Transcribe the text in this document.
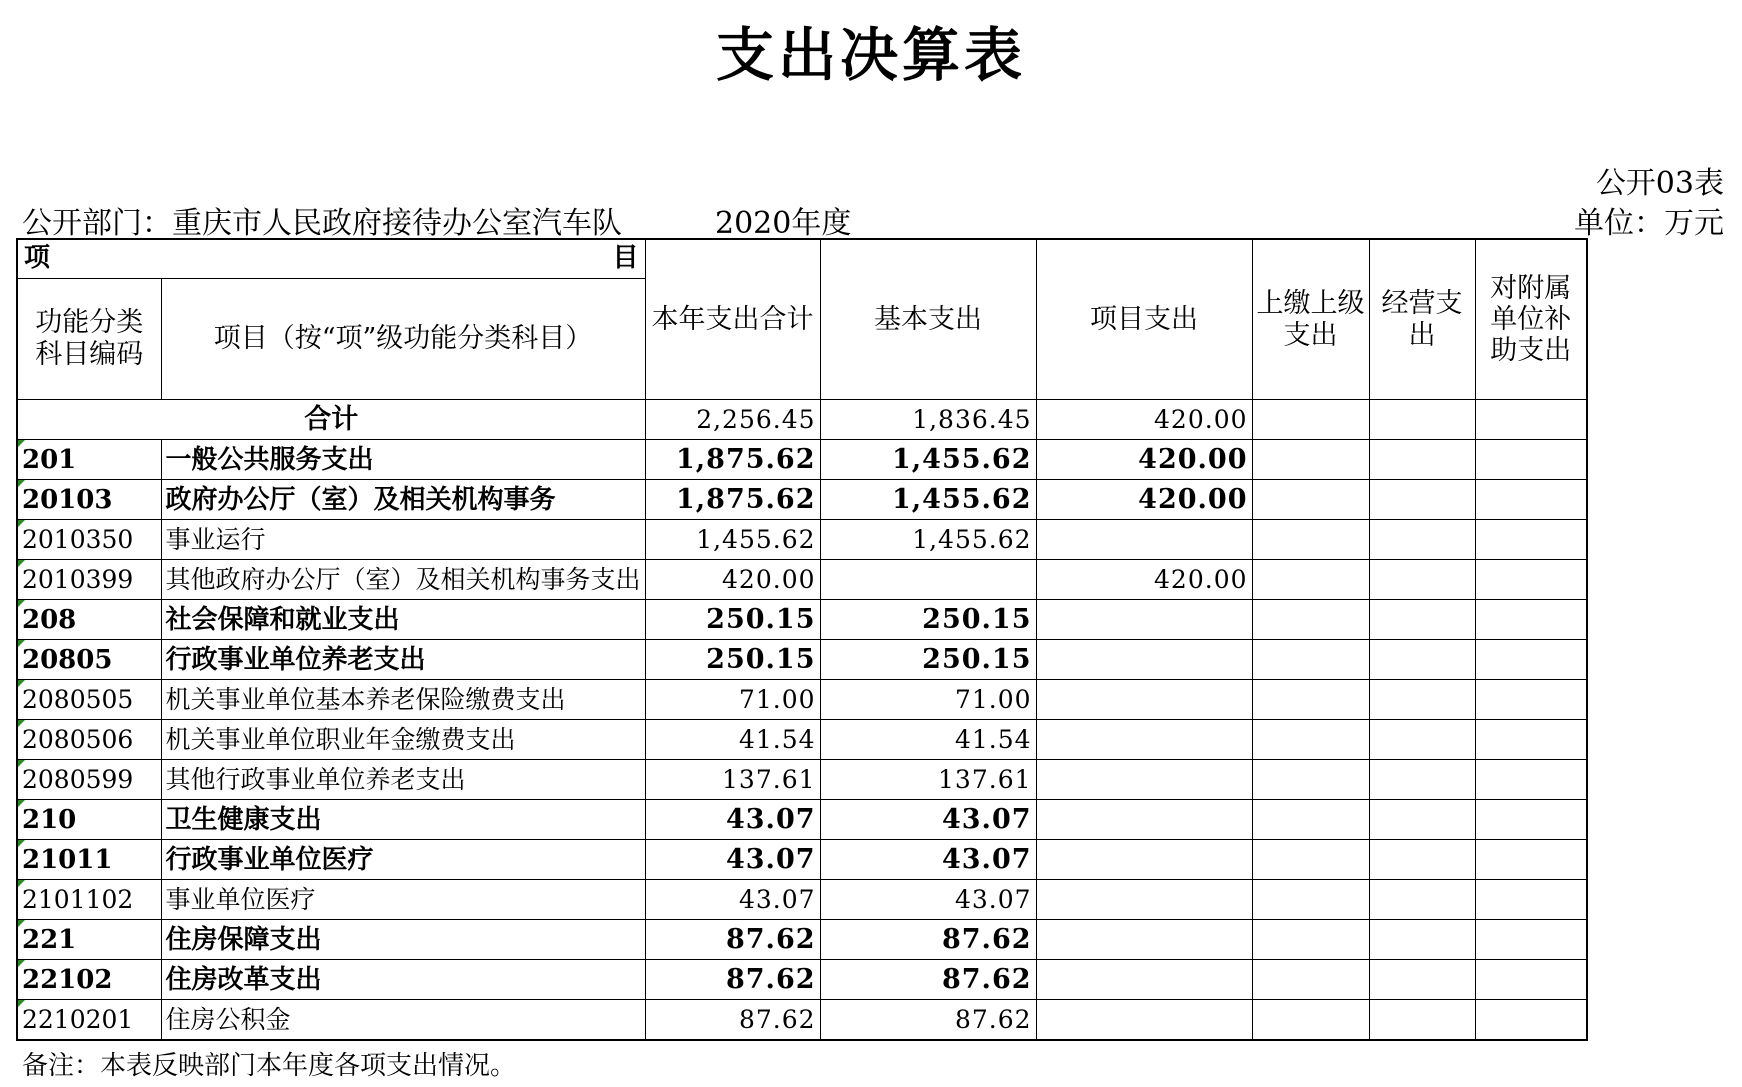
支出决算表
公开03表
公开部门：重庆市人民政府接待办公室汽车队	2020年度	单位：万元
项 目		本年支出合计	基本支出	项目支出	上缴上级支出	经营支出	对附属单位补助支出
功能分类科目编码	项目（按“项”级功能分类科目）						
合计		2,256.45	1,836.45	420.00			
201	一般公共服务支出	1,875.62	1,455.62	420.00			
20103	政府办公厅（室）及相关机构事务	1,875.62	1,455.62	420.00			
2010350	事业运行	1,455.62	1,455.62				
2010399	其他政府办公厅（室）及相关机构事务支出	420.00		420.00			
208	社会保障和就业支出	250.15	250.15				
20805	行政事业单位养老支出	250.15	250.15				
2080505	机关事业单位基本养老保险缴费支出	71.00	71.00				
2080506	机关事业单位职业年金缴费支出	41.54	41.54				
2080599	其他行政事业单位养老支出	137.61	137.61				
210	卫生健康支出	43.07	43.07				
21011	行政事业单位医疗	43.07	43.07				
2101102	事业单位医疗	43.07	43.07				
221	住房保障支出	87.62	87.62				
22102	住房改革支出	87.62	87.62				
2210201	住房公积金	87.62	87.62				
备注：本表反映部门本年度各项支出情况。
